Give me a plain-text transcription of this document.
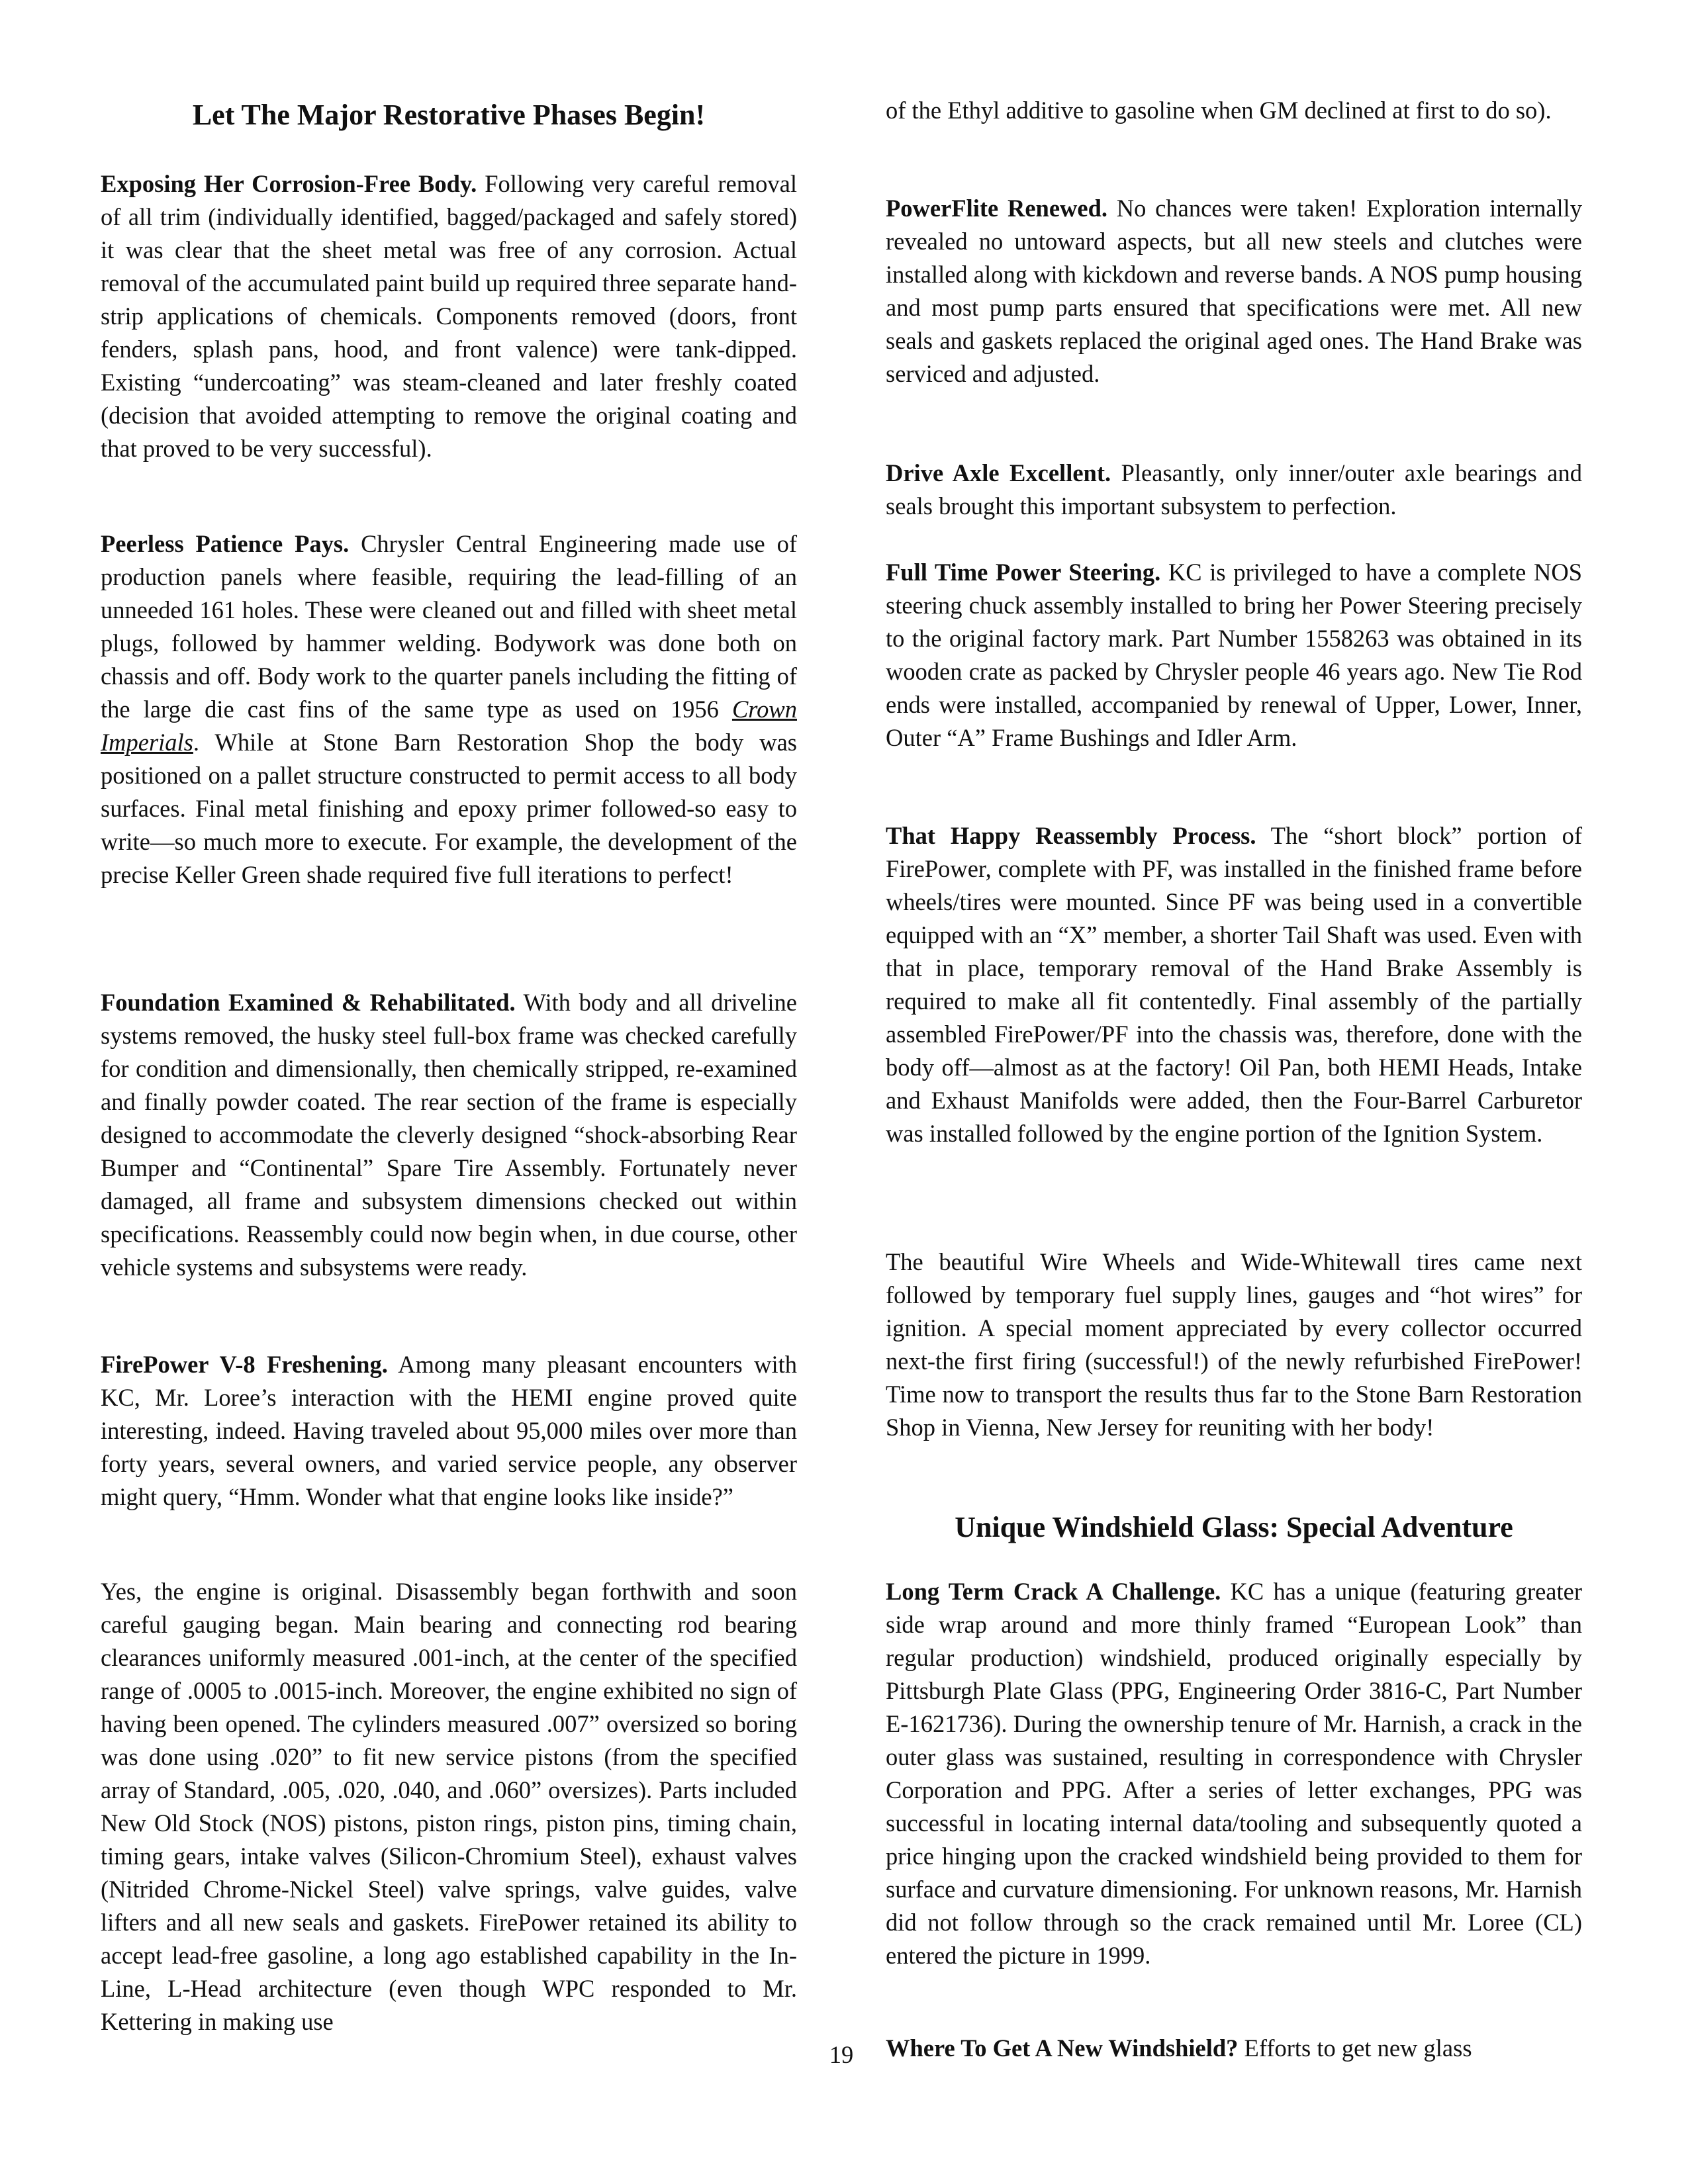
Let The Major Restorative Phases Begin!

Exposing Her Corrosion-Free Body. Following very careful removal of all trim (individually identified, bagged/packaged and safely stored) it was clear that the sheet metal was free of any corrosion. Actual removal of the accumulated paint build up required three separate hand-strip applications of chemicals. Components removed (doors, front fenders, splash pans, hood, and front valence) were tank-dipped. Existing “undercoating” was steam-cleaned and later freshly coated (decision that avoided attempting to remove the original coating and that proved to be very successful).

Peerless Patience Pays. Chrysler Central Engineering made use of production panels where feasible, requiring the lead-filling of an unneeded 161 holes. These were cleaned out and filled with sheet metal plugs, followed by hammer welding. Bodywork was done both on chassis and off. Body work to the quarter panels including the fitting of the large die cast fins of the same type as used on 1956 Crown Imperials. While at Stone Barn Restoration Shop the body was positioned on a pallet structure constructed to permit access to all body surfaces. Final metal finishing and epoxy primer followed-so easy to write—so much more to execute. For example, the development of the precise Keller Green shade required five full iterations to perfect!

Foundation Examined & Rehabilitated. With body and all driveline systems removed, the husky steel full-box frame was checked carefully for condition and dimensionally, then chemically stripped, re-examined and finally powder coated. The rear section of the frame is especially designed to accommodate the cleverly designed “shock-absorbing Rear Bumper and “Continental” Spare Tire Assembly. Fortunately never damaged, all frame and subsystem dimensions checked out within specifications. Reassembly could now begin when, in due course, other vehicle systems and subsystems were ready.

FirePower V-8 Freshening. Among many pleasant encounters with KC, Mr. Loree’s interaction with the HEMI engine proved quite interesting, indeed. Having traveled about 95,000 miles over more than forty years, several owners, and varied service people, any observer might query, “Hmm. Wonder what that engine looks like inside?”

Yes, the engine is original. Disassembly began forthwith and soon careful gauging began. Main bearing and connecting rod bearing clearances uniformly measured .001-inch, at the center of the specified range of .0005 to .0015-inch. Moreover, the engine exhibited no sign of having been opened. The cylinders measured .007” oversized so boring was done using .020” to fit new service pistons (from the specified array of Standard, .005, .020, .040, and .060” oversizes). Parts included New Old Stock (NOS) pistons, piston rings, piston pins, timing chain, timing gears, intake valves (Silicon-Chromium Steel), exhaust valves (Nitrided Chrome-Nickel Steel) valve springs, valve guides, valve lifters and all new seals and gaskets. FirePower retained its ability to accept lead-free gasoline, a long ago established capability in the In-Line, L-Head architecture (even though WPC responded to Mr. Kettering in making use

of the Ethyl additive to gasoline when GM declined at first to do so).

PowerFlite Renewed. No chances were taken! Exploration internally revealed no untoward aspects, but all new steels and clutches were installed along with kickdown and reverse bands. A NOS pump housing and most pump parts ensured that specifications were met. All new seals and gaskets replaced the original aged ones. The Hand Brake was serviced and adjusted.

Drive Axle Excellent. Pleasantly, only inner/outer axle bearings and seals brought this important subsystem to perfection.

Full Time Power Steering. KC is privileged to have a complete NOS steering chuck assembly installed to bring her Power Steering precisely to the original factory mark. Part Number 1558263 was obtained in its wooden crate as packed by Chrysler people 46 years ago. New Tie Rod ends were installed, accompanied by renewal of Upper, Lower, Inner, Outer “A” Frame Bushings and Idler Arm.

That Happy Reassembly Process. The “short block” portion of FirePower, complete with PF, was installed in the finished frame before wheels/tires were mounted. Since PF was being used in a convertible equipped with an “X” member, a shorter Tail Shaft was used. Even with that in place, temporary removal of the Hand Brake Assembly is required to make all fit contentedly. Final assembly of the partially assembled FirePower/PF into the chassis was, therefore, done with the body off—almost as at the factory! Oil Pan, both HEMI Heads, Intake and Exhaust Manifolds were added, then the Four-Barrel Carburetor was installed followed by the engine portion of the Ignition System.

The beautiful Wire Wheels and Wide-Whitewall tires came next followed by temporary fuel supply lines, gauges and “hot wires” for ignition. A special moment appreciated by every collector occurred next-the first firing (successful!) of the newly refurbished FirePower! Time now to transport the results thus far to the Stone Barn Restoration Shop in Vienna, New Jersey for reuniting with her body!

Unique Windshield Glass: Special Adventure

Long Term Crack A Challenge. KC has a unique (featuring greater side wrap around and more thinly framed “European Look” than regular production) windshield, produced originally especially by Pittsburgh Plate Glass (PPG, Engineering Order 3816-C, Part Number E-1621736). During the ownership tenure of Mr. Harnish, a crack in the outer glass was sustained, resulting in correspondence with Chrysler Corporation and PPG. After a series of letter exchanges, PPG was successful in locating internal data/tooling and subsequently quoted a price hinging upon the cracked windshield being provided to them for surface and curvature dimensioning. For unknown reasons, Mr. Harnish did not follow through so the crack remained until Mr. Loree (CL) entered the picture in 1999.

Where To Get A New Windshield? Efforts to get new glass

19
